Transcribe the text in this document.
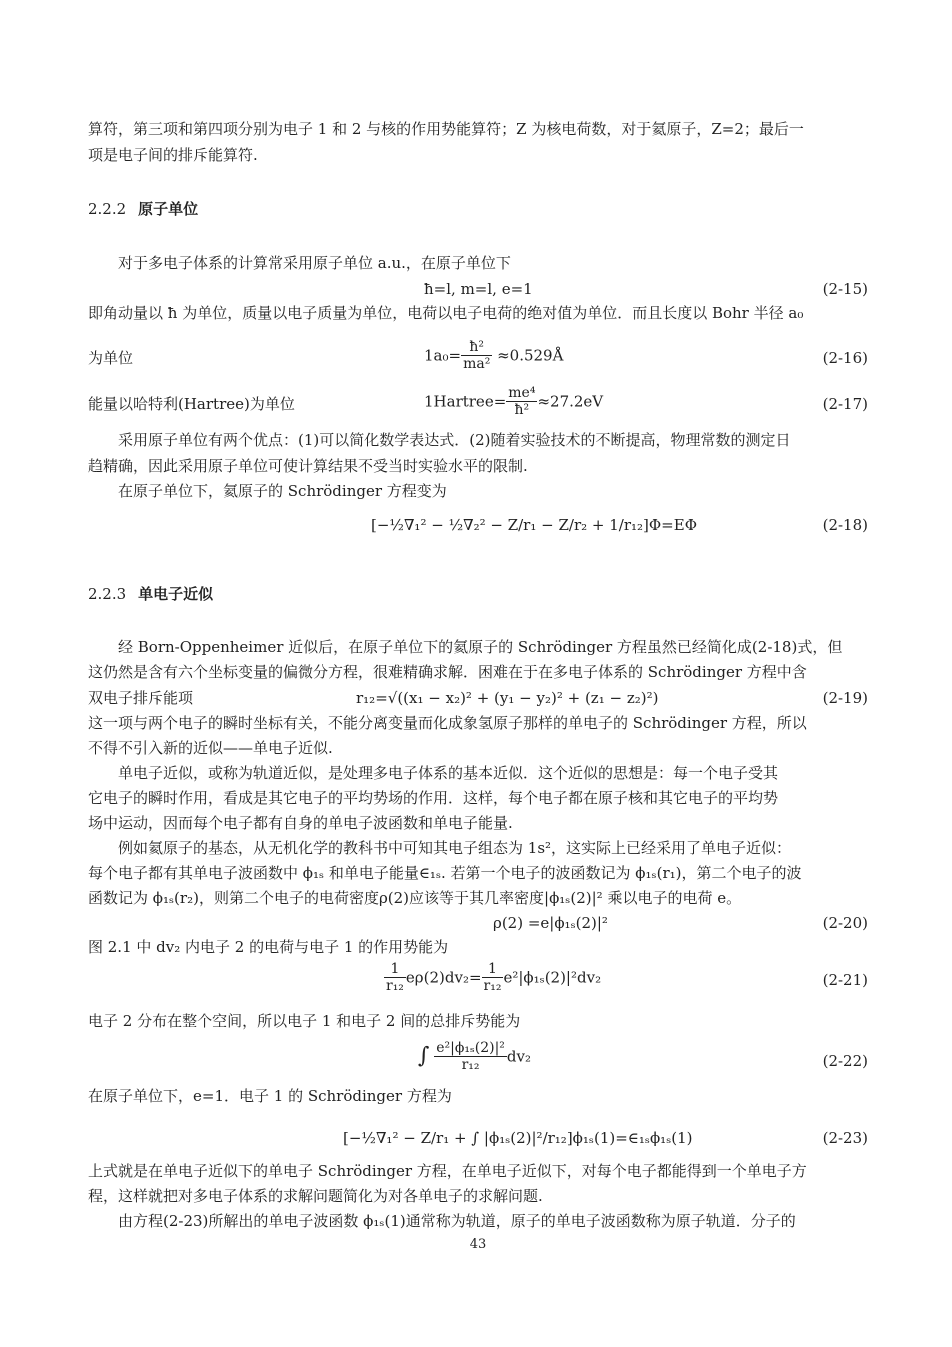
算符，第三项和第四项分别为电子 1 和 2 与核的作用势能算符；Z 为核电荷数，对于氦原子，Z=2；最后一

项是电子间的排斥能算符.

2.2.2 原子单位

对于多电子体系的计算常采用原子单位 a.u.，在原子单位下

ħ=l, m=l, e=1	(2-15)

即角动量以 ħ 为单位，质量以电子质量为单位，电荷以电子电荷的绝对值为单位．而且长度以 Bohr 半径 a₀

为单位	$1a_0= \frac{\text{ħ²}}{\text{ma²}}$ ≈0.529Å	(2-16)
能量以哈特利(Hartree)为单位	1Hartree= $\frac{\text{me⁴}}{\text{ħ²}} \approx 27.2eV$	(2-17)

采用原子单位有两个优点：(1)可以简化数学表达式．(2)随着实验技术的不断提高，物理常数的测定日

趋精确，因此采用原子单位可使计算结果不受当时实验水平的限制.

在原子单位下，氦原子的 Schrödinger 方程变为

[−½∇₁² − ½∇₂² − Z/r₁ − Z/r₂ + 1/r₁₂]Φ=EΦ	(2-18)
2.2.3 单电子近似

经 Born-Oppenheimer 近似后，在原子单位下的氦原子的 Schrödinger 方程虽然已经简化成(2-18)式，但

这仍然是含有六个坐标变量的偏微分方程，很难精确求解．困难在于在多电子体系的 Schrödinger 方程中含

双电子排斥能项	r₁₂=√((x₁ − x₂)² + (y₁ − y₂)² + (z₁ − z₂)²)	(2-19)

这一项与两个电子的瞬时坐标有关，不能分离变量而化成象氢原子那样的单电子的 Schrödinger 方程，所以

不得不引入新的近似——单电子近似.

单电子近似，或称为轨道近似，是处理多电子体系的基本近似．这个近似的思想是：每一个电子受其

它电子的瞬时作用，看成是其它电子的平均势场的作用．这样，每个电子都在原子核和其它电子的平均势

场中运动，因而每个电子都有自身的单电子波函数和单电子能量.

例如氦原子的基态，从无机化学的教科书中可知其电子组态为 1s²，这实际上已经采用了单电子近似：

每个电子都有其单电子波函数中 ϕ₁ₛ 和单电子能量∈₁ₛ. 若第一个电子的波函数记为 ϕ₁ₛ(r₁)，第二个电子的波

函数记为 ϕ₁ₛ(r₂)，则第二个电子的电荷密度ρ(2)应该等于其几率密度|ϕ₁ₛ(2)|² 乘以电子的电荷 e。

ρ(2) =e|ϕ₁ₛ(2)|²	(2-20)

图 2.1 中 dv₂ 内电子 2 的电荷与电子 1 的作用势能为

$\frac{1}{\text{r₁₂}} e\rho(2)dv_2= \frac{1}{\text{r₁₂}} e^2|\phi_{1s}(2)|^2dv_2$	(2-21)

电子 2 分布在整个空间，所以电子 1 和电子 2 间的总排斥势能为

∫ $\frac{\text{e²|ϕ₁ₛ(2)|²}}{\text{r₁₂}} dv_2$	(2-22)

在原子单位下，e=1．电子 1 的 Schrödinger 方程为

[−½∇₁² − Z/r₁ + ∫ |ϕ₁ₛ(2)|²/r₁₂]ϕ₁ₛ(1)=∈₁ₛϕ₁ₛ(1)	(2-23)

上式就是在单电子近似下的单电子 Schrödinger 方程，在单电子近似下，对每个电子都能得到一个单电子方

程，这样就把对多电子体系的求解问题简化为对各单电子的求解问题.

由方程(2-23)所解出的单电子波函数 ϕ₁ₛ(1)通常称为轨道，原子的单电子波函数称为原子轨道．分子的

43
